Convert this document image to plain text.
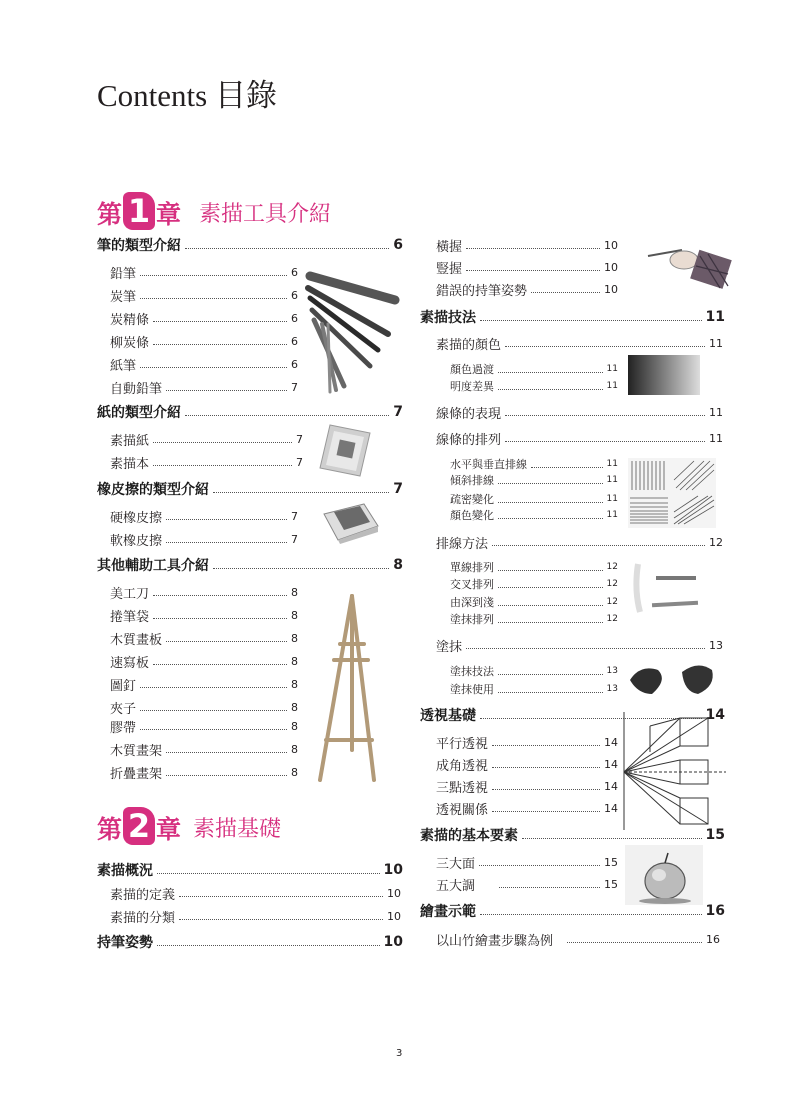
Contents 目錄
第 1 章 素描工具介紹
第 2 章 素描基礎
筆的類型介紹	6
鉛筆	6
炭筆	6
炭精條	6
柳炭條	6
紙筆	6
自動鉛筆	7
紙的類型介紹	7
素描紙	7
素描本	7
橡皮擦的類型介紹	7
硬橡皮擦	7
軟橡皮擦	7
其他輔助工具介紹	8
美工刀	8
捲筆袋	8
木質畫板	8
速寫板	8
圖釘	8
夾子	8
膠帶	8
木質畫架	8
折疊畫架	8
素描概況	10
素描的定義	10
素描的分類	10
持筆姿勢	10
橫握	10
豎握	10
錯誤的持筆姿勢	10
素描技法	11
素描的顏色	11
顏色過渡	11
明度差異	11
線條的表現	11
線條的排列	11
水平與垂直排線	11
傾斜排線	11
疏密變化	11
顏色變化	11
排線方法	12
單線排列	12
交叉排列	12
由深到淺	12
塗抹排列	12
塗抹	13
塗抹技法	13
塗抹使用	13
透視基礎	14
平行透視	14
成角透視	14
三點透視	14
透視關係	14
素描的基本要素	15
三大面	15
五大調	15
繪畫示範	16
以山竹繪畫步驟為例	16
3
